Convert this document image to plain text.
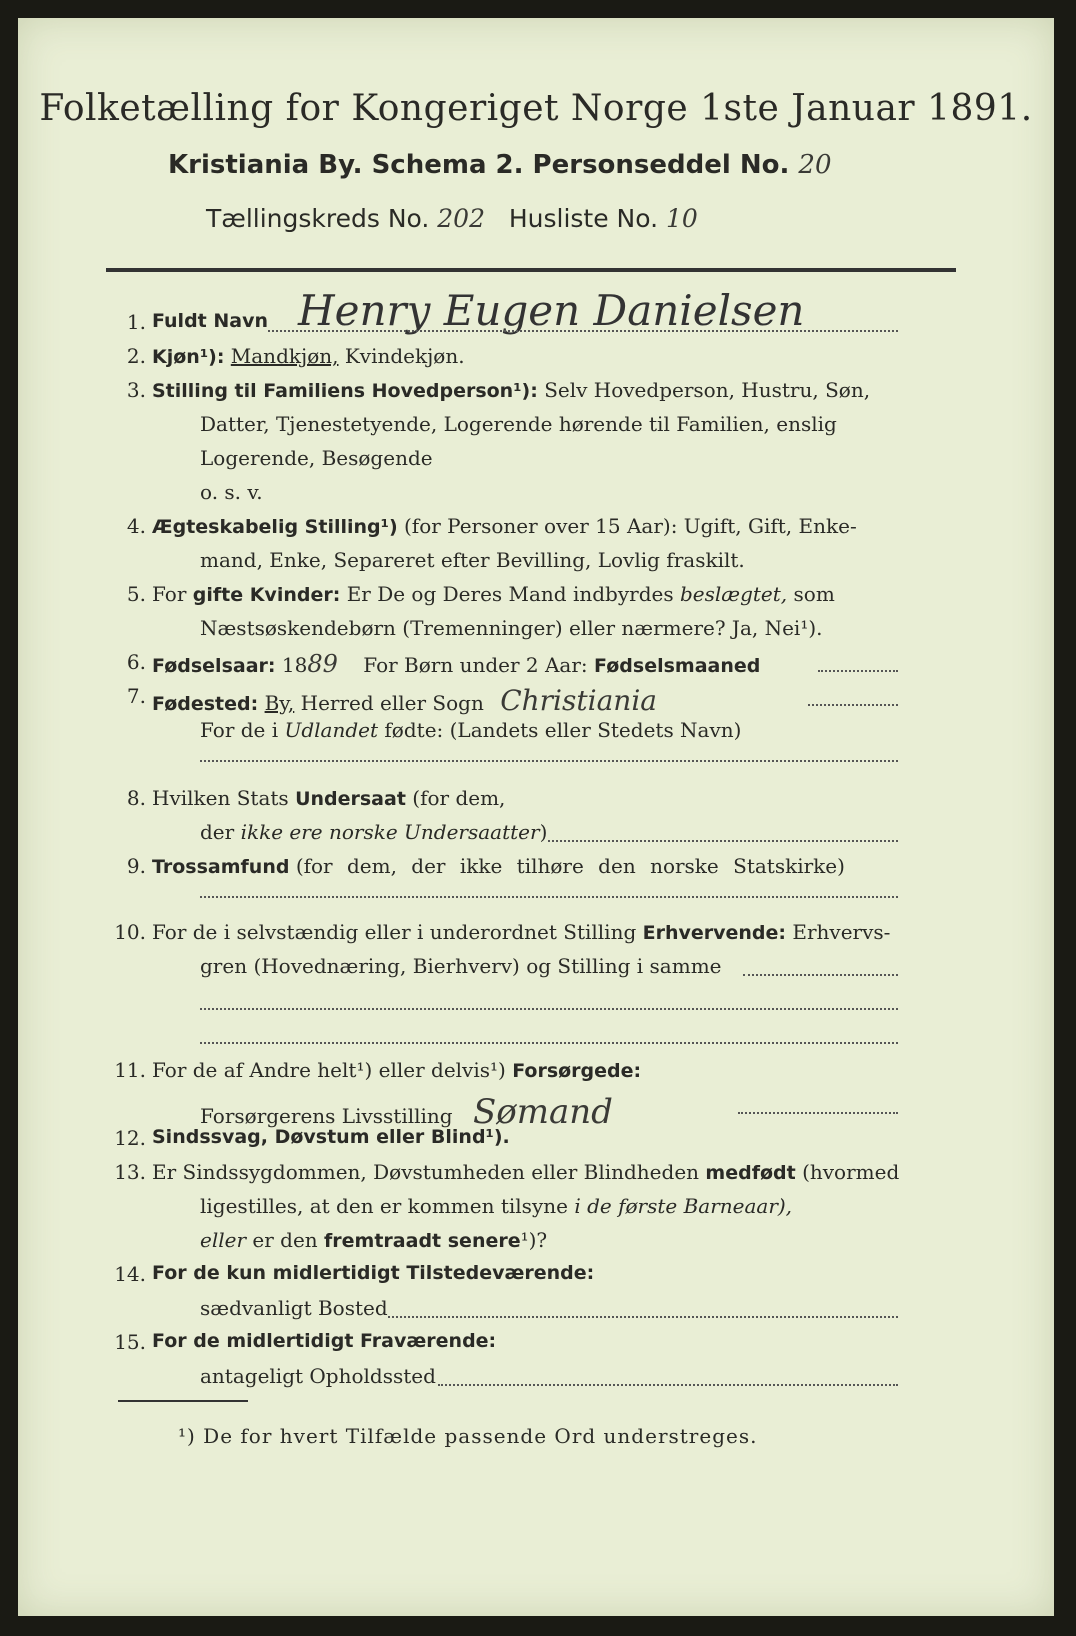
Folketælling for Kongeriget Norge 1ste Januar 1891.
Kristiania By. Schema 2. Personseddel No. 20
Tællingskreds No. 202 Husliste No. 10
1. Fuldt Navn Henry Eugen Danielsen
2. Kjøn¹): Mandkjøn, Kvindekjøn.
3. Stilling til Familiens Hovedperson¹): Selv Hovedperson, Hustru, Søn,
Datter, Tjenestetyende, Logerende hørende til Familien, enslig
Logerende, Besøgende
o. s. v.
4. Ægteskabelig Stilling¹) (for Personer over 15 Aar): Ugift, Gift, Enke-
mand, Enke, Separeret efter Bevilling, Lovlig fraskilt.
5. For gifte Kvinder: Er De og Deres Mand indbyrdes beslægtet, som
Næstsøskendebørn (Tremenninger) eller nærmere? Ja, Nei¹).
6. Fødselsaar: 1889 For Børn under 2 Aar: Fødselsmaaned
7. Fødested: By, Herred eller Sogn Christiania
For de i Udlandet fødte: (Landets eller Stedets Navn)
8. Hvilken Stats Undersaat (for dem,
der ikke ere norske Undersaatter)
9. Trossamfund (for dem, der ikke tilhøre den norske Statskirke)
10. For de i selvstændig eller i underordnet Stilling Erhvervende: Erhvervs-
gren (Hovednæring, Bierhverv) og Stilling i samme
11. For de af Andre helt¹) eller delvis¹) Forsørgede:
Forsørgerens Livsstilling Sømand
12. Sindssvag, Døvstum eller Blind¹).
13. Er Sindssygdommen, Døvstumheden eller Blindheden medfødt (hvormed
ligestilles, at den er kommen tilsyne i de første Barneaar),
eller er den fremtraadt senere¹)?
14. For de kun midlertidigt Tilstedeværende:
sædvanligt Bosted
15. For de midlertidigt Fraværende:
antageligt Opholdssted
¹) De for hvert Tilfælde passende Ord understreges.
